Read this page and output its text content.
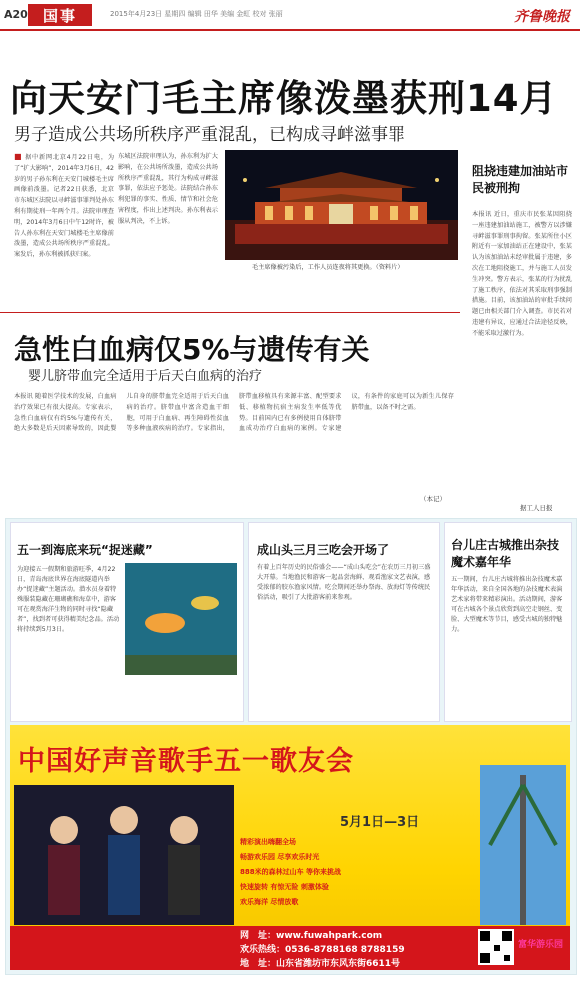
A20	国事	2015年4月23日 星期四 编辑 田华 美编 金虹 校对 张丽	齐鲁晚报
向天安门毛主席像泼墨获刑14月
男子造成公共场所秩序严重混乱，已构成寻衅滋事罪
■ 据中新网北京4月22日电，为了“扩大影响”，2014年3月6日，42岁的男子孙东利在天安门城楼毛主席画像前泼墨。记者22日获悉，北京市东城区法院以寻衅滋事罪判处孙东利有期徒刑一年两个月。法院审理查明，2014年3月6日中午12时许，被告人孙东利在天安门城楼毛主席像前泼墨，造成公共场所秩序严重混乱。案发后，孙东利被抓获归案。
东城区法院审理认为，孙东利为扩大影响，在公共场所泼墨，造成公共场所秩序严重混乱，其行为构成寻衅滋事罪，依法应予惩处。法院结合孙东利犯罪的事实、性质、情节和社会危害程度，作出上述判决。孙东利表示服从判决，不上诉。
毛主席像被污染后，工作人员连夜将其更换。（资料片）
阻挠违建加油站市民被刑拘
本报讯 近日，重庆市民张某因阻挠一座违建加油站施工，被警方以涉嫌寻衅滋事罪刑事拘留。张某所住小区附近有一家加油站正在建设中，张某认为该加油站未经审批属于违建，多次在工地阻挠施工，并与施工人员发生冲突。警方表示，张某的行为扰乱了施工秩序，依法对其采取刑事强制措施。目前，该加油站的审批手续问题已由相关部门介入调查。市民若对违建有异议，应通过合法途径反映，不能采取过激行为。
据工人日报
急性白血病仅5%与遗传有关
婴儿脐带血完全适用于后天白血病的治疗
本报讯 随着医学技术的发展，白血病治疗效果已有很大提高。专家表示，急性白血病仅有约5%与遗传有关，绝大多数是后天因素导致的，因此婴儿自身的脐带血完全适用于后天白血病的治疗。脐带血中富含造血干细胞，可用于白血病、再生障碍性贫血等多种血液疾病的治疗。专家指出，脐带血移植具有来源丰富、配型要求低、移植物抗宿主病发生率低等优势。目前国内已有多例使用自体脐带血成功治疗白血病的案例。专家建议，有条件的家庭可以为新生儿保存脐带血，以备不时之需。
（本记）
五一到海底来玩“捉迷藏”
为迎接五一假期和旅游旺季，4月22日，青岛海底世界在海底隧道内举办“捉迷藏”主题活动。潜水员身着特殊服装隐藏在珊瑚礁和海草中，游客可在观赏海洋生物的同时寻找“隐藏者”，找到者可获得精美纪念品。活动将持续到5月3日。
成山头三月三吃会开场了
有着上百年历史的民俗盛会——“成山头吃会”在农历三月初三盛大开幕。当地渔民和游客一起品尝海鲜、观看渔家文艺表演，感受浓郁的胶东渔家风情。吃会期间还举办祭海、放海灯等传统民俗活动，吸引了大批游客前来参观。
台儿庄古城推出杂技魔术嘉年华
五一期间，台儿庄古城将推出杂技魔术嘉年华活动，来自全国各地的杂技魔术表演艺术家将带来精彩演出。活动期间，游客可在古城各个景点欣赏到高空走钢丝、变脸、大型魔术等节目，感受古城的独特魅力。
中国好声音歌手五一歌友会
5月1日—3日
精彩演出嗨翻全场
畅游欢乐园 尽享欢乐时光
888米的森林过山车 等你来挑战
快速旋转 有惊无险 刺激体验
欢乐海洋 尽情放歌
网　址：www.fuwahpark.com
欢乐热线：0536-8788168 8788159
地　址：山东省潍坊市东风东街6611号
富华游乐园
